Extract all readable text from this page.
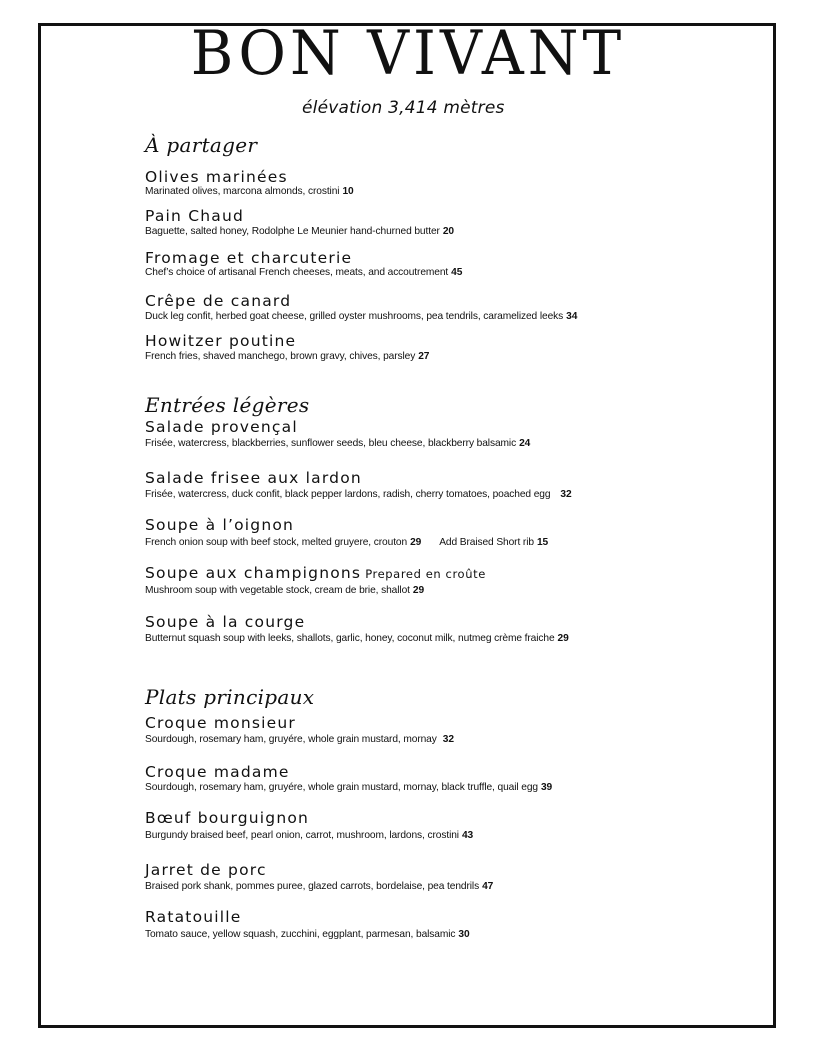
BON VIVANT
élévation 3,414 mètres
À partager
Olives marinées
Marinated olives, marcona almonds, crostini 10
Pain Chaud
Baguette, salted honey, Rodolphe Le Meunier hand-churned butter 20
Fromage et charcuterie
Chef’s choice of artisanal French cheeses, meats, and accoutrement 45
Crêpe de canard
Duck leg confit, herbed goat cheese, grilled oyster mushrooms, pea tendrils, caramelized leeks 34
Howitzer poutine
French fries, shaved manchego, brown gravy, chives, parsley 27
Entrées légères
Salade provençal
Frisée, watercress, blackberries, sunflower seeds, bleu cheese, blackberry balsamic 24
Salade frisee aux lardon
Frisée, watercress, duck confit, black pepper lardons, radish, cherry tomatoes, poached egg 32
Soupe à l’oignon
French onion soup with beef stock, melted gruyere, crouton 29 Add Braised Short rib 15
Soupe aux champignons Prepared en croûte
Mushroom soup with vegetable stock, cream de brie, shallot 29
Soupe à la courge
Butternut squash soup with leeks, shallots, garlic, honey, coconut milk, nutmeg crème fraiche 29
Plats principaux
Croque monsieur
Sourdough, rosemary ham, gruyére, whole grain mustard, mornay 32
Croque madame
Sourdough, rosemary ham, gruyére, whole grain mustard, mornay, black truffle, quail egg 39
Bœuf bourguignon
Burgundy braised beef, pearl onion, carrot, mushroom, lardons, crostini 43
Jarret de porc
Braised pork shank, pommes puree, glazed carrots, bordelaise, pea tendrils 47
Ratatouille
Tomato sauce, yellow squash, zucchini, eggplant, parmesan, balsamic 30
